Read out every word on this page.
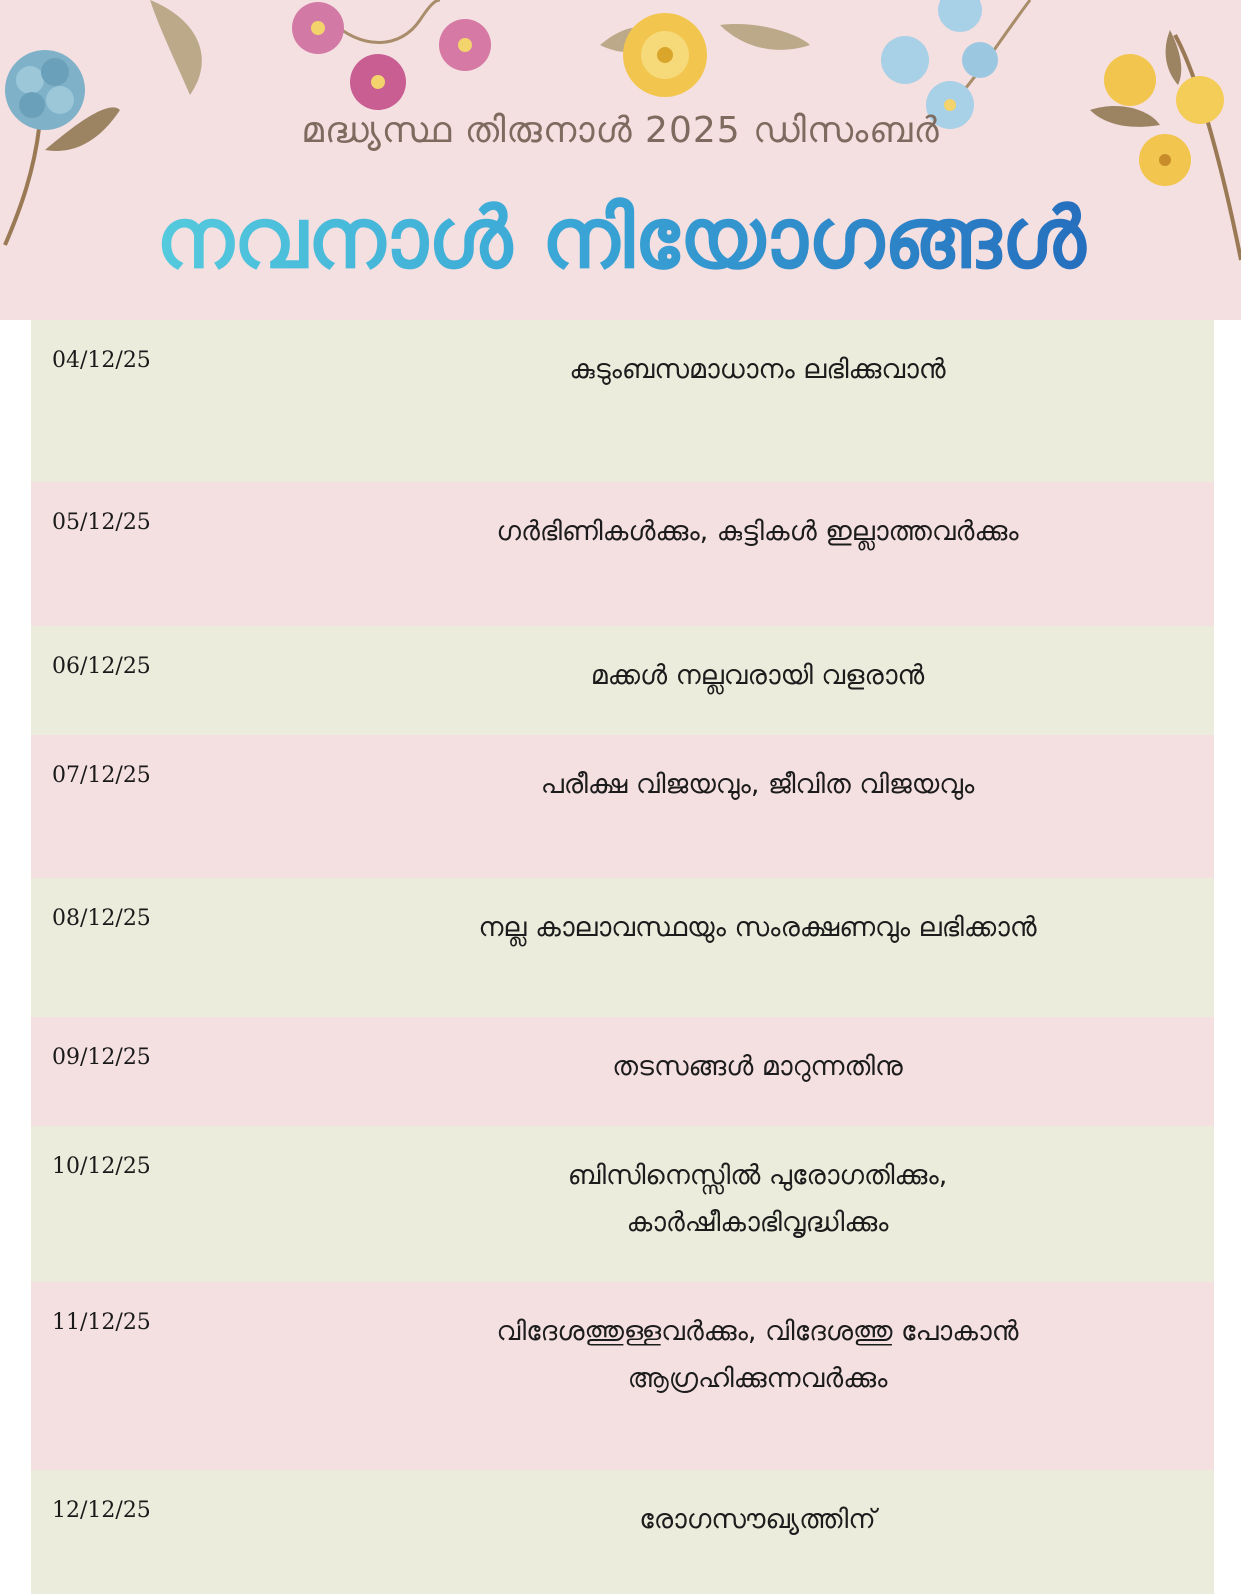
മദ്ധ്യസ്ഥ തിരുനാൾ 2025 ഡിസംബർ
നവനാൾ നിയോഗങ്ങൾ
04/12/25	കുടുംബസമാധാനം ലഭിക്കുവാൻ
05/12/25	ഗർഭിണികൾക്കും, കുട്ടികൾ ഇല്ലാത്തവർക്കും
06/12/25	മക്കൾ നല്ലവരായി വളരാൻ
07/12/25	പരീക്ഷ വിജയവും, ജീവിത വിജയവും
08/12/25	നല്ല കാലാവസ്ഥയും സംരക്ഷണവും ലഭിക്കാൻ
09/12/25	തടസങ്ങൾ മാറുന്നതിനു
10/12/25	ബിസിനെസ്സിൽ പുരോഗതിക്കും,
കാർഷീകാഭിവൃദ്ധിക്കും
11/12/25	വിദേശത്തുള്ളവർക്കും, വിദേശത്തു പോകാൻ
ആഗ്രഹിക്കുന്നവർക്കും
12/12/25	രോഗസൗഖ്യത്തിന്
